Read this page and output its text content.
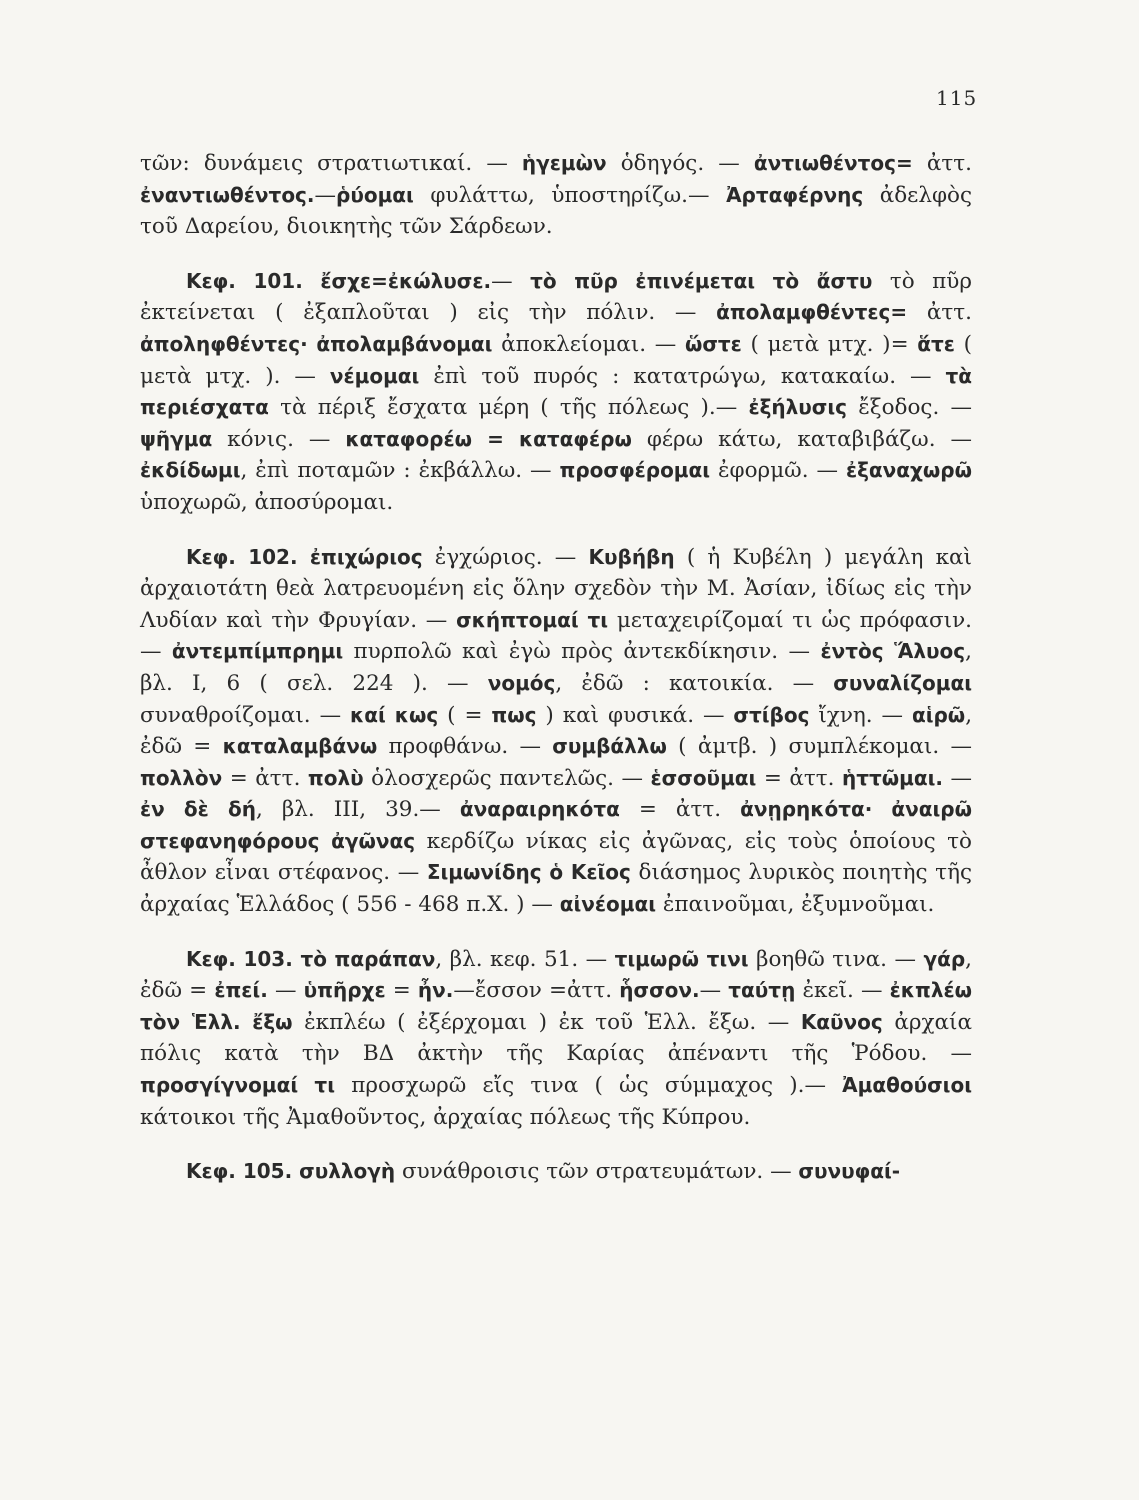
115

τῶν: δυνάμεις στρατιωτικαί. — ἡγεμὼν ὁδηγός. — ἀντιωθέντος= ἀττ. ἐναντιωθέντος.—ῥύομαι φυλάττω, ὑποστηρίζω.— Ἀρταφέρνης ἀδελφὸς τοῦ Δαρείου, διοικητὴς τῶν Σάρδεων.

Κεφ. 101. ἔσχε=ἐκώλυσε.— τὸ πῦρ ἐπινέμεται τὸ ἄστυ τὸ πῦρ ἐκτείνεται ( ἐξαπλοῦται ) εἰς τὴν πόλιν. — ἀπολαμφθέντες= ἀττ. ἀποληφθέντες· ἀπολαμβάνομαι ἀποκλείομαι. — ὥστε ( μετὰ μτχ. )= ἅτε ( μετὰ μτχ. ). — νέμομαι ἐπὶ τοῦ πυρός : κατατρώγω, κατακαίω. — τὰ περιέσχατα τὰ πέριξ ἔσχατα μέρη ( τῆς πόλεως ).— ἐξήλυσις ἔξοδος. — ψῆγμα κόνις. — καταφορέω = καταφέρω φέρω κάτω, καταβιβάζω. — ἐκδίδωμι, ἐπὶ ποταμῶν : ἐκβάλλω. — προσφέρομαι ἐφορμῶ. — ἐξαναχωρῶ ὑποχωρῶ, ἀποσύρομαι.

Κεφ. 102. ἐπιχώριος ἐγχώριος. — Κυβήβη ( ἡ Κυβέλη ) μεγάλη καὶ ἀρχαιοτάτη θεὰ λατρευομένη εἰς ὅλην σχεδὸν τὴν Μ. Ἀσίαν, ἰδίως εἰς τὴν Λυδίαν καὶ τὴν Φρυγίαν. — σκήπτομαί τι μεταχειρίζομαί τι ὡς πρόφασιν. — ἀντεμπίμπρημι πυρπολῶ καὶ ἐγὼ πρὸς ἀντεκδίκησιν. — ἐντὸς Ἅλυος, βλ. I, 6 ( σελ. 224 ). — νομός, ἐδῶ : κατοικία. — συναλίζομαι συναθροίζομαι. — καί κως ( = πως ) καὶ φυσικά. — στίβος ἴχνη. — αἱρῶ, ἐδῶ = καταλαμβάνω προφθάνω. — συμβάλλω ( ἀμτβ. ) συμπλέκομαι. — πολλὸν = ἀττ. πολὺ ὁλοσχερῶς παντελῶς. — ἑσσοῦμαι = ἀττ. ἡττῶμαι. — ἐν δὲ δή, βλ. III, 39.— ἀναραιρηκότα = ἀττ. ἀνῃρηκότα· ἀναιρῶ στεφανηφόρους ἀγῶνας κερδίζω νίκας εἰς ἀγῶνας, εἰς τοὺς ὁποίους τὸ ἆθλον εἶναι στέφανος. — Σιμωνίδης ὁ Κεῖος διάσημος λυρικὸς ποιητὴς τῆς ἀρχαίας Ἑλλάδος ( 556 - 468 π.Χ. ) — αἰνέομαι ἐπαινοῦμαι, ἐξυμνοῦμαι.

Κεφ. 103. τὸ παράπαν, βλ. κεφ. 51. — τιμωρῶ τινι βοηθῶ τινα. — γάρ, ἐδῶ = ἐπεί. — ὑπῆρχε = ἦν.—ἔσσον =ἀττ. ἧσσον.— ταύτῃ ἐκεῖ. — ἐκπλέω τὸν Ἑλλ. ἔξω ἐκπλέω ( ἐξέρχομαι ) ἐκ τοῦ Ἑλλ. ἔξω. — Καῦνος ἀρχαία πόλις κατὰ τὴν ΒΔ ἀκτὴν τῆς Καρίας ἀπέναντι τῆς Ῥόδου. — προσγίγνομαί τι προσχωρῶ εἴς τινα ( ὡς σύμμαχος ).— Ἀμαθούσιοι κάτοικοι τῆς Ἀμαθοῦντος, ἀρχαίας πόλεως τῆς Κύπρου.

Κεφ. 105. συλλογὴ συνάθροισις τῶν στρατευμάτων. — συνυφαί-
